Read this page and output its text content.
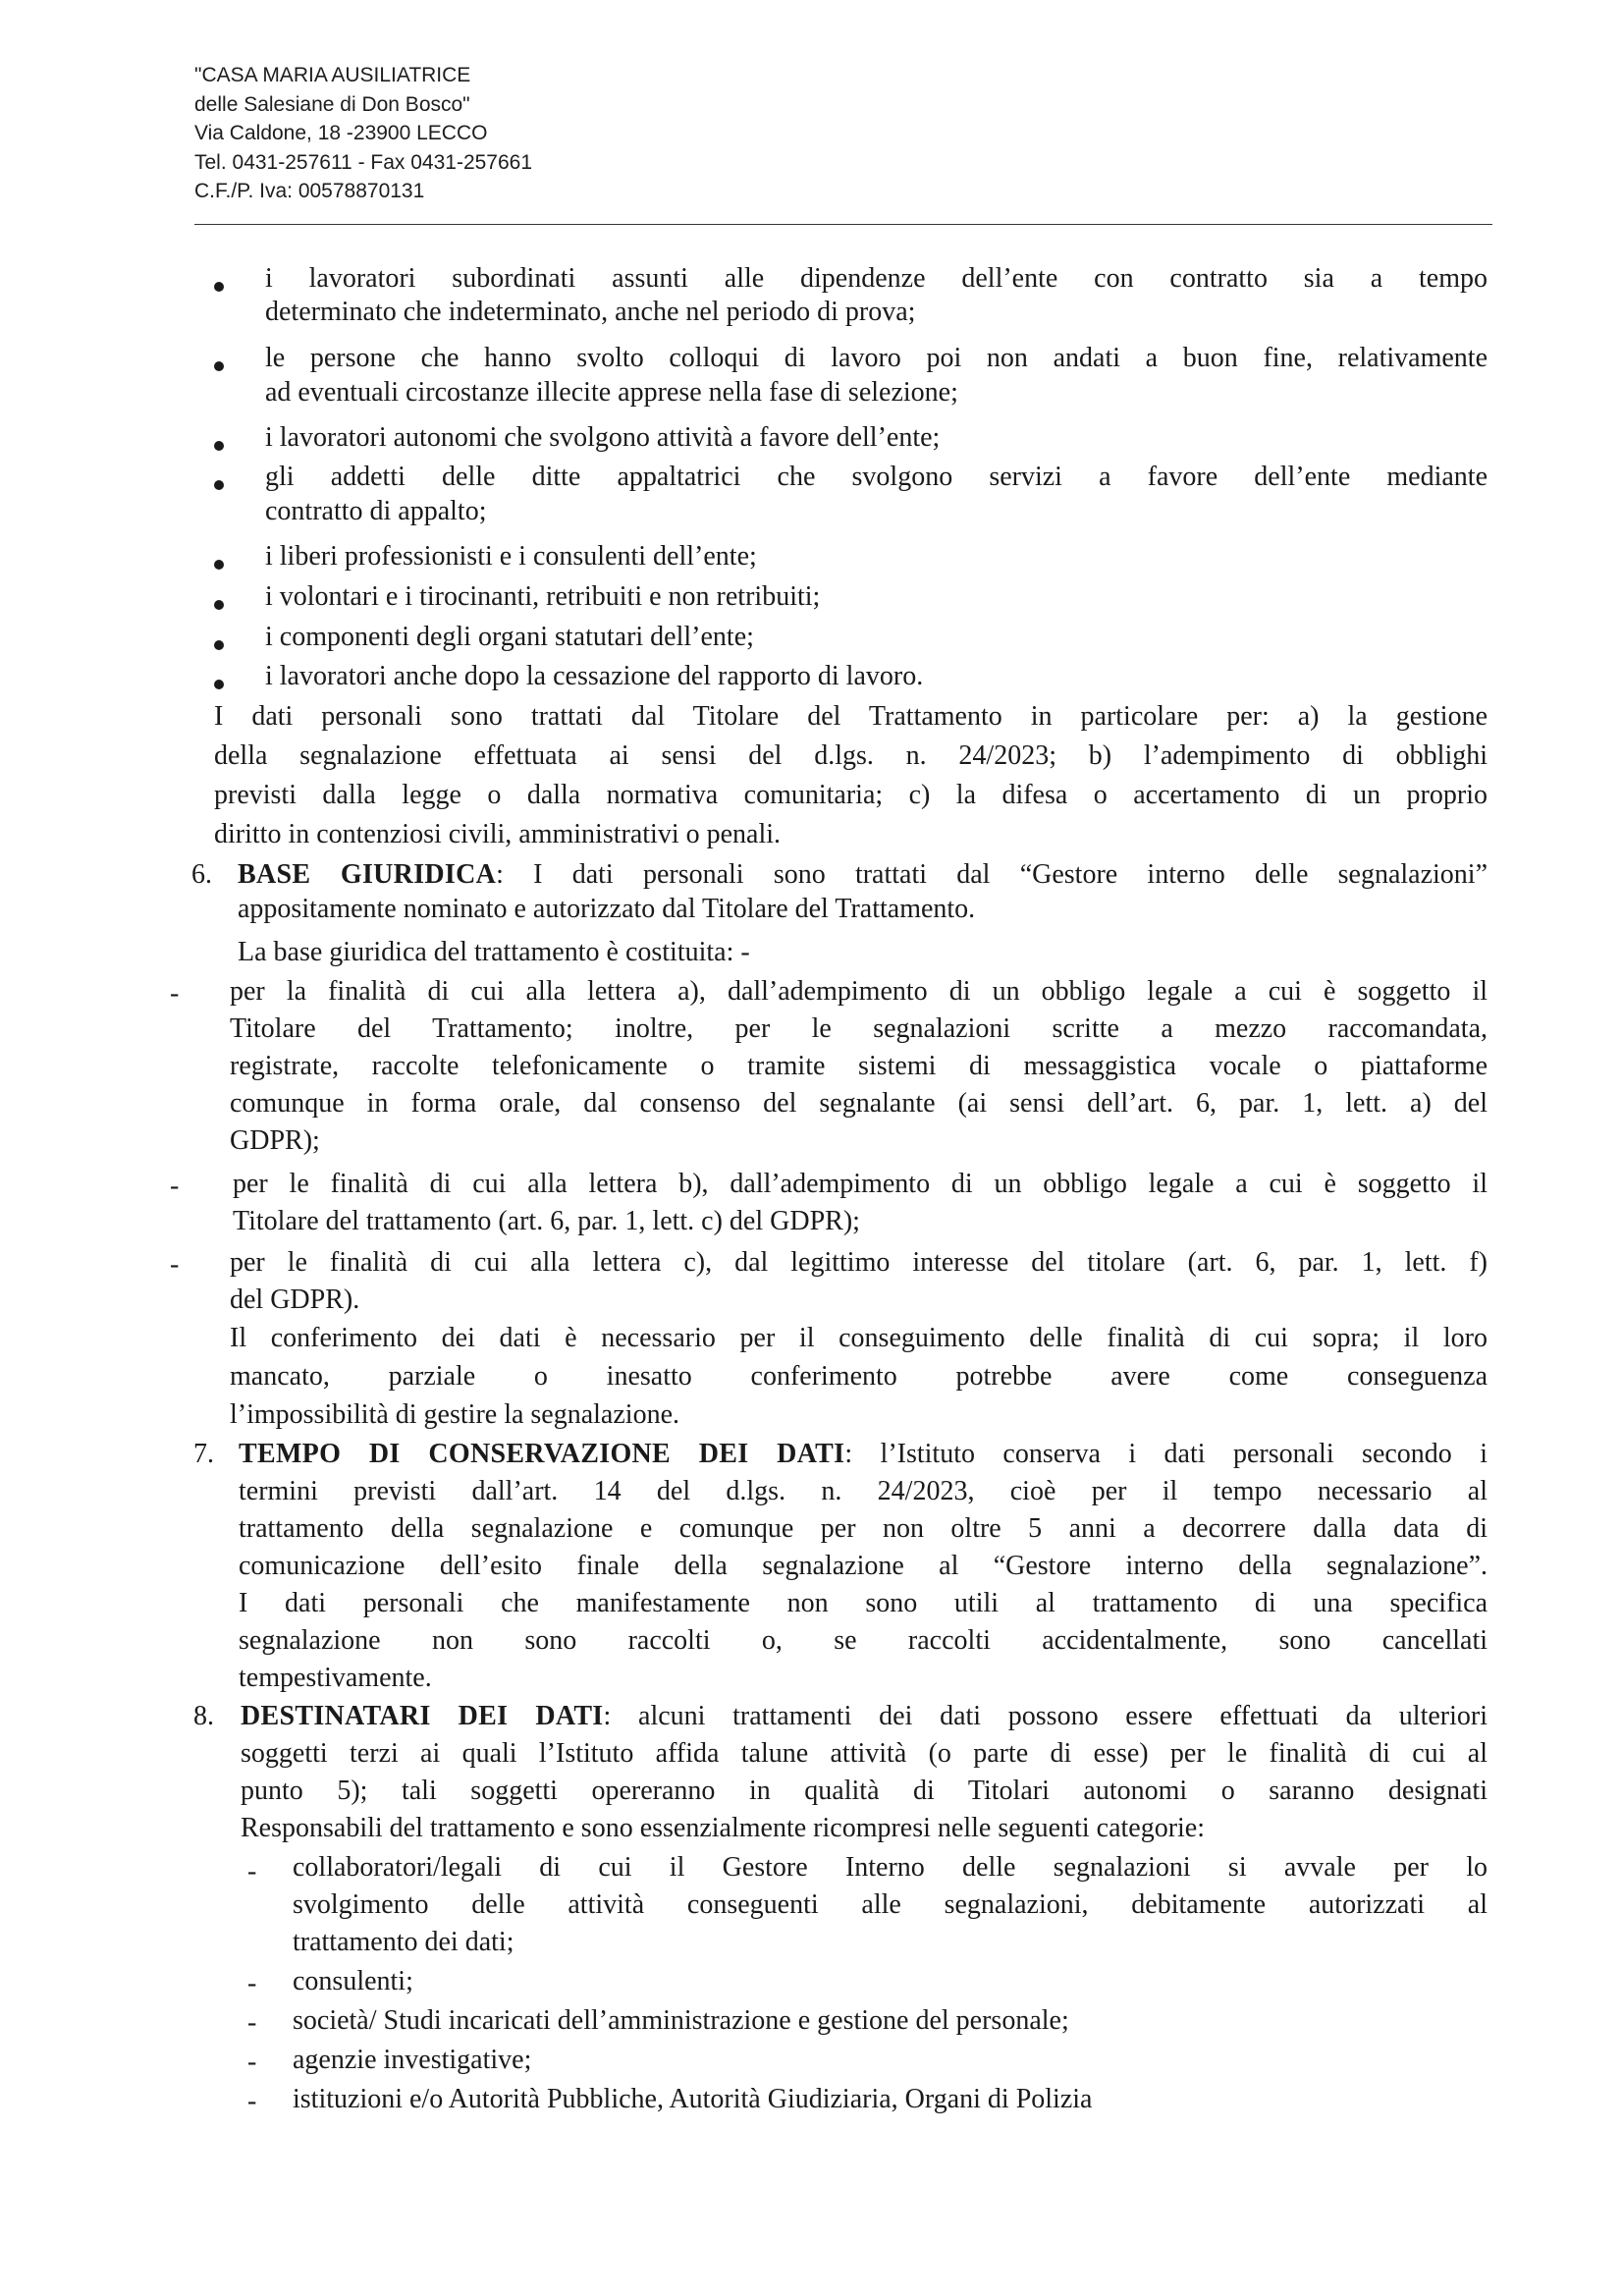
"CASA MARIA AUSILIATRICE
delle Salesiane di Don Bosco"
Via Caldone, 18 -23900 LECCO
Tel. 0431-257611 - Fax 0431-257661
C.F./P. Iva: 00578870131
i lavoratori subordinati assunti alle dipendenze dell’ente con contratto sia a tempo
determinato che indeterminato, anche nel periodo di prova;
le persone che hanno svolto colloqui di lavoro poi non andati a buon fine, relativamente
ad eventuali circostanze illecite apprese nella fase di selezione;
i lavoratori autonomi che svolgono attività a favore dell’ente;
gli addetti delle ditte appaltatrici che svolgono servizi a favore dell’ente mediante
contratto di appalto;
i liberi professionisti e i consulenti dell’ente;
i volontari e i tirocinanti, retribuiti e non retribuiti;
i componenti degli organi statutari dell’ente;
i lavoratori anche dopo la cessazione del rapporto di lavoro.
I dati personali sono trattati dal Titolare del Trattamento in particolare per: a) la gestione
della segnalazione effettuata ai sensi del d.lgs. n. 24/2023; b) l’adempimento di obblighi
previsti dalla legge o dalla normativa comunitaria; c) la difesa o accertamento di un proprio
diritto in contenziosi civili, amministrativi o penali.
6. BASE GIURIDICA: I dati personali sono trattati dal “Gestore interno delle segnalazioni”
appositamente nominato e autorizzato dal Titolare del Trattamento.
La base giuridica del trattamento è costituita: -
- per la finalità di cui alla lettera a), dall’adempimento di un obbligo legale a cui è soggetto il
Titolare del Trattamento; inoltre, per le segnalazioni scritte a mezzo raccomandata,
registrate, raccolte telefonicamente o tramite sistemi di messaggistica vocale o piattaforme
comunque in forma orale, dal consenso del segnalante (ai sensi dell’art. 6, par. 1, lett. a) del
GDPR);
- per le finalità di cui alla lettera b), dall’adempimento di un obbligo legale a cui è soggetto il
Titolare del trattamento (art. 6, par. 1, lett. c) del GDPR);
- per le finalità di cui alla lettera c), dal legittimo interesse del titolare (art. 6, par. 1, lett. f)
del GDPR).
Il conferimento dei dati è necessario per il conseguimento delle finalità di cui sopra; il loro
mancato, parziale o inesatto conferimento potrebbe avere come conseguenza
l’impossibilità di gestire la segnalazione.
7. TEMPO DI CONSERVAZIONE DEI DATI: l’Istituto conserva i dati personali secondo i
termini previsti dall’art. 14 del d.lgs. n. 24/2023, cioè per il tempo necessario al
trattamento della segnalazione e comunque per non oltre 5 anni a decorrere dalla data di
comunicazione dell’esito finale della segnalazione al “Gestore interno della segnalazione”.
I dati personali che manifestamente non sono utili al trattamento di una specifica
segnalazione non sono raccolti o, se raccolti accidentalmente, sono cancellati
tempestivamente.
8. DESTINATARI DEI DATI: alcuni trattamenti dei dati possono essere effettuati da ulteriori
soggetti terzi ai quali l’Istituto affida talune attività (o parte di esse) per le finalità di cui al
punto 5); tali soggetti opereranno in qualità di Titolari autonomi o saranno designati
Responsabili del trattamento e sono essenzialmente ricompresi nelle seguenti categorie:
- collaboratori/legali di cui il Gestore Interno delle segnalazioni si avvale per lo
svolgimento delle attività conseguenti alle segnalazioni, debitamente autorizzati al
trattamento dei dati;
- consulenti;
- società/ Studi incaricati dell’amministrazione e gestione del personale;
- agenzie investigative;
- istituzioni e/o Autorità Pubbliche, Autorità Giudiziaria, Organi di Polizia
